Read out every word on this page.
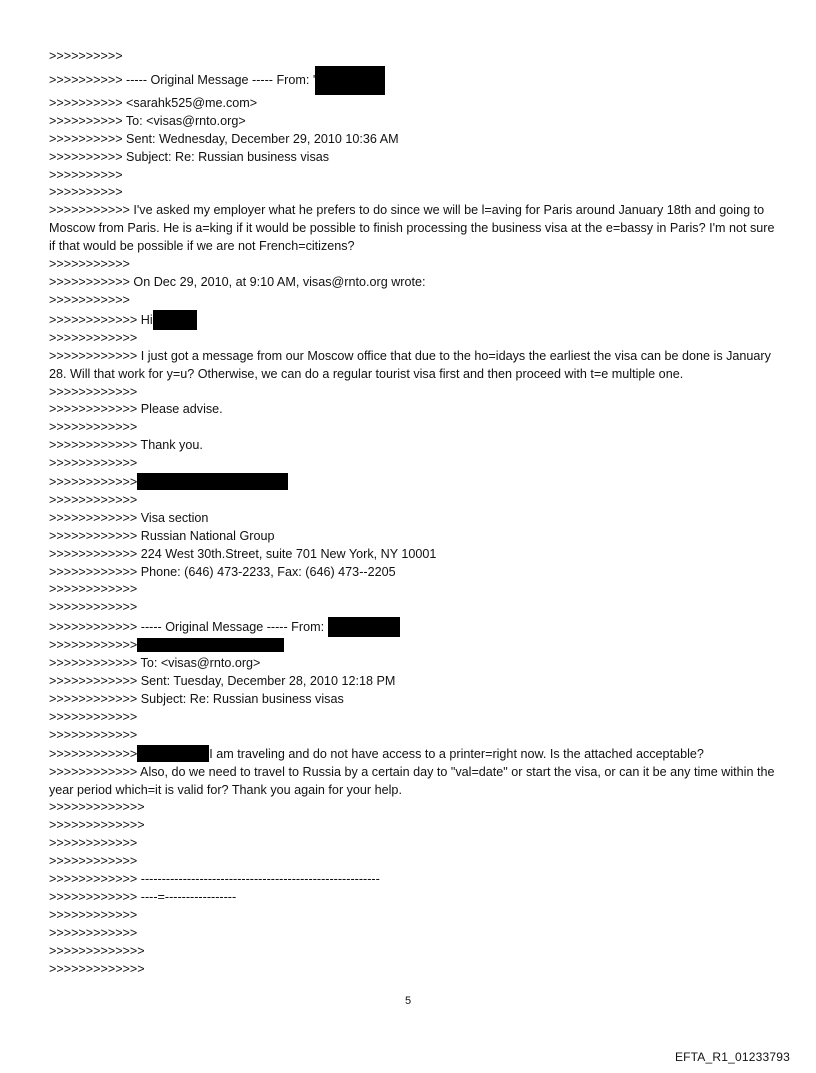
>>>>>>>>>>

>>>>>>>>>> ----- Original Message ----- From: '

>>>>>>>>>> <sarahk525@me.com>

>>>>>>>>>> To: <visas@rnto.org>

>>>>>>>>>> Sent: Wednesday, December 29, 2010 10:36 AM

>>>>>>>>>> Subject: Re: Russian business visas

>>>>>>>>>>

>>>>>>>>>>

>>>>>>>>>>> I've asked my employer what he prefers to do since we will be l=aving for Paris around January 18th and going to Moscow from Paris. He is a=king if it would be possible to finish processing the business visa at the e=bassy in Paris? I'm not sure if that would be possible if we are not French=citizens?

>>>>>>>>>>>

>>>>>>>>>>> On Dec 29, 2010, at 9:10 AM, visas@rnto.org wrote:

>>>>>>>>>>>

>>>>>>>>>>>> Hi

>>>>>>>>>>>>

>>>>>>>>>>>> I just got a message from our Moscow office that due to the ho=idays the earliest the visa can be done is January 28. Will that work for y=u? Otherwise, we can do a regular tourist visa first and then proceed with t=e multiple one.

>>>>>>>>>>>>

>>>>>>>>>>>> Please advise.

>>>>>>>>>>>>

>>>>>>>>>>>> Thank you.

>>>>>>>>>>>>

>>>>>>>>>>>>

>>>>>>>>>>>>

>>>>>>>>>>>> Visa section

>>>>>>>>>>>> Russian National Group

>>>>>>>>>>>> 224 West 30th.Street, suite 701 New York, NY 10001

>>>>>>>>>>>> Phone: (646) 473-2233, Fax: (646) 473--2205

>>>>>>>>>>>>

>>>>>>>>>>>>

>>>>>>>>>>>> ----- Original Message ----- From:

>>>>>>>>>>>>

>>>>>>>>>>>> To: <visas@rnto.org>

>>>>>>>>>>>> Sent: Tuesday, December 28, 2010 12:18 PM

>>>>>>>>>>>> Subject: Re: Russian business visas

>>>>>>>>>>>>

>>>>>>>>>>>>

>>>>>>>>>>>>	I am traveling and do not have access to a printer=right now. Is the attached acceptable?

>>>>>>>>>>>> Also, do we need to travel to Russia by a certain day to "val=date" or start the visa, or can it be any time within the year period which=it is valid for? Thank you again for your help.

>>>>>>>>>>>>>

>>>>>>>>>>>>>

>>>>>>>>>>>>

>>>>>>>>>>>>

>>>>>>>>>>>> ---------------------------------------------------------

>>>>>>>>>>>> ----=-----------------

>>>>>>>>>>>>

>>>>>>>>>>>>

>>>>>>>>>>>>>

>>>>>>>>>>>>>

5
EFTA_R1_01233793
